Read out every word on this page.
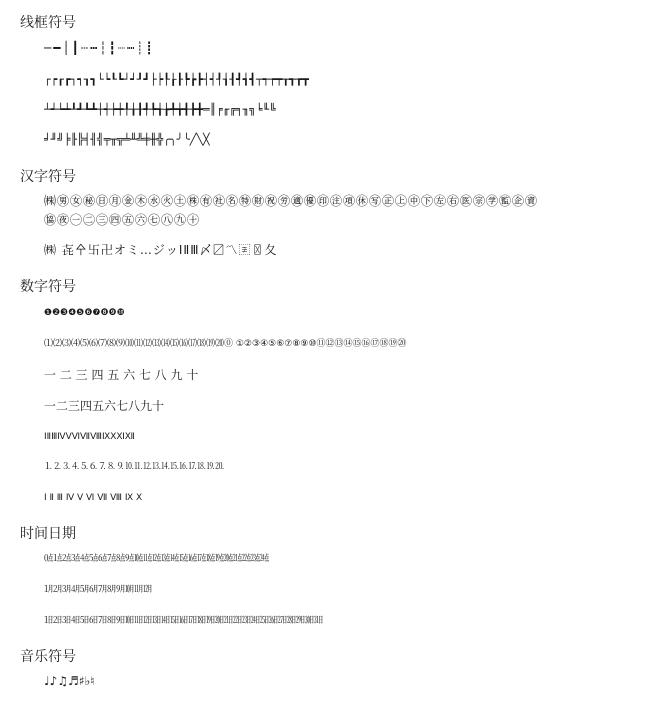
线框符号
─━│┃┄┅┆┇┈┉┊┋
┌┍┎┏┐┑┒┓└┕┖┗┘┙┚┛├┝┞┟┠┡┢┣┤┥┦┧┨┩┪┫┬┭┮┯┰┱┲┳
┴┵┶┷┸┹┺┻┼┽┾┿╀╁╂╃╄╅╆╇╈╉╊╋═║╒╓╔╕╖╗╘╙╚
╛╜╝╞╟╠╡╢╣╤╥╦╧╨╩╪╫╬╭╮╯╰╱╲╳
汉字符号
㈱㊚㊛㊙㊐㊊㊎㊍㊌㊋㊏㊑㊒㊓㊔㊕㊖㊗㊘㊜㊝㊞㊟㊠㊡㊢㊣㊤㊥㊦㊧㊨㊩㊪㊫㊬㊭㊮
㊯㊰㊀㊁㊂㊃㊄㊅㊆㊇㊈㊉
㈱ 㐂㐃卐卍オミ…ジッⅠⅡⅢ〆〼〽〾〿⼡
数字符号
❶❷❸❹❺❻❼❽❾❿
⑴⑵⑶⑷⑸⑹⑺⑻⑼⑽⑾⑿⒀⒁⒂⒃⒄⒅⒆⒇⓪ ①②③④⑤⑥⑦⑧⑨⑩⑪⑫⑬⑭⑮⑯⑰⑱⑲⑳
一 二 三 四 五 六 七 八 九 十
一二三四五六七八九十
ⅠⅡⅢⅣⅤⅥⅦⅧⅨⅩⅪⅫ
⒈⒉⒊⒋⒌⒍⒎⒏⒐⒑⒒⒓⒔⒕⒖⒗⒘⒙⒚⒛
Ⅰ Ⅱ Ⅲ Ⅳ Ⅴ Ⅵ Ⅶ Ⅷ Ⅸ Ⅹ
时间日期
㍘㍙㍚㍛㍜㍝㍞㍟㍠㍡㍢㍣㍤㍥㍦㍧㍨㍩㍪㍫㍬㍭㍮㍯㍰
㋀㋁㋂㋃㋄㋅㋆㋇㋈㋉㋊㋋
㏠㏡㏢㏣㏤㏥㏦㏧㏨㏩㏪㏫㏬㏭㏮㏯㏰㏱㏲㏳㏴㏵㏶㏷㏸㏹㏺㏻㏼㏽㏾
音乐符号
♩♪♫♬♯♭♮
